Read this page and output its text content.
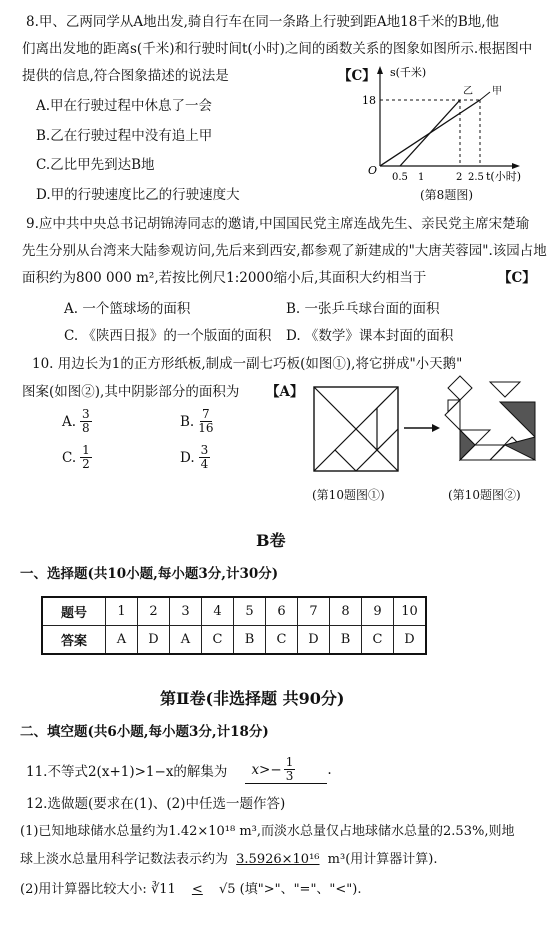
8.甲、乙两同学从A地出发,骑自行车在同一条路上行驶到距A地18千米的B地,他
们离出发地的距离s(千米)和行驶时间t(小时)之间的函数关系的图象如图所示.根据图中
提供的信息,符合图象描述的说法是	【C】
A.甲在行驶过程中休息了一会
B.乙在行驶过程中没有追上甲
C.乙比甲先到达B地
D.甲的行驶速度比乙的行驶速度大
s(千米)
t(小时)
18
O
0.5 1	2 2.5
甲
乙
(第8题图)
9.应中共中央总书记胡锦涛同志的邀请,中国国民党主席连战先生、亲民党主席宋楚瑜
先生分别从台湾来大陆参观访问,先后来到西安,都参观了新建成的"大唐芙蓉园".该园占地
面积约为800 000 m²,若按比例尺1:2000缩小后,其面积大约相当于	【C】
A. 一个篮球场的面积	B. 一张乒乓球台面的面积
C. 《陕西日报》的一个版面的面积 D. 《数学》课本封面的面积
10. 用边长为1的正方形纸板,制成一副七巧板(如图①),将它拼成"小天鹅"
图案(如图②),其中阴影部分的面积为 【A】
A. $\frac{3}{8}$	B. $\frac{7}{16}$
C. $\frac{1}{2}$	D. $\frac{3}{4}$
(第10题图①)	(第10题图②)
B卷
一、选择题(共10小题,每小题3分,计30分)
题号	1	2	3	4	5	6	7	8	9	10
答案	A	D	A	C	B	C	D	B	C	D
第Ⅱ卷(非选择题 共90分)
二、填空题(共6小题,每小题3分,计18分)
11.不等式2(x+1)>1−x的解集为 $x>- \frac{1}{3}$ .
12.选做题(要求在(1)、(2)中任选一题作答)
(1)已知地球储水总量约为1.42×10¹⁸ m³,而淡水总量仅占地球储水总量的2.53%,则地
球上淡水总量用科学记数法表示约为 3.5926×10¹⁶ m³(用计算器计算).
(2)用计算器比较大小: ∛11 < √5 (填">"、"="、"<").
